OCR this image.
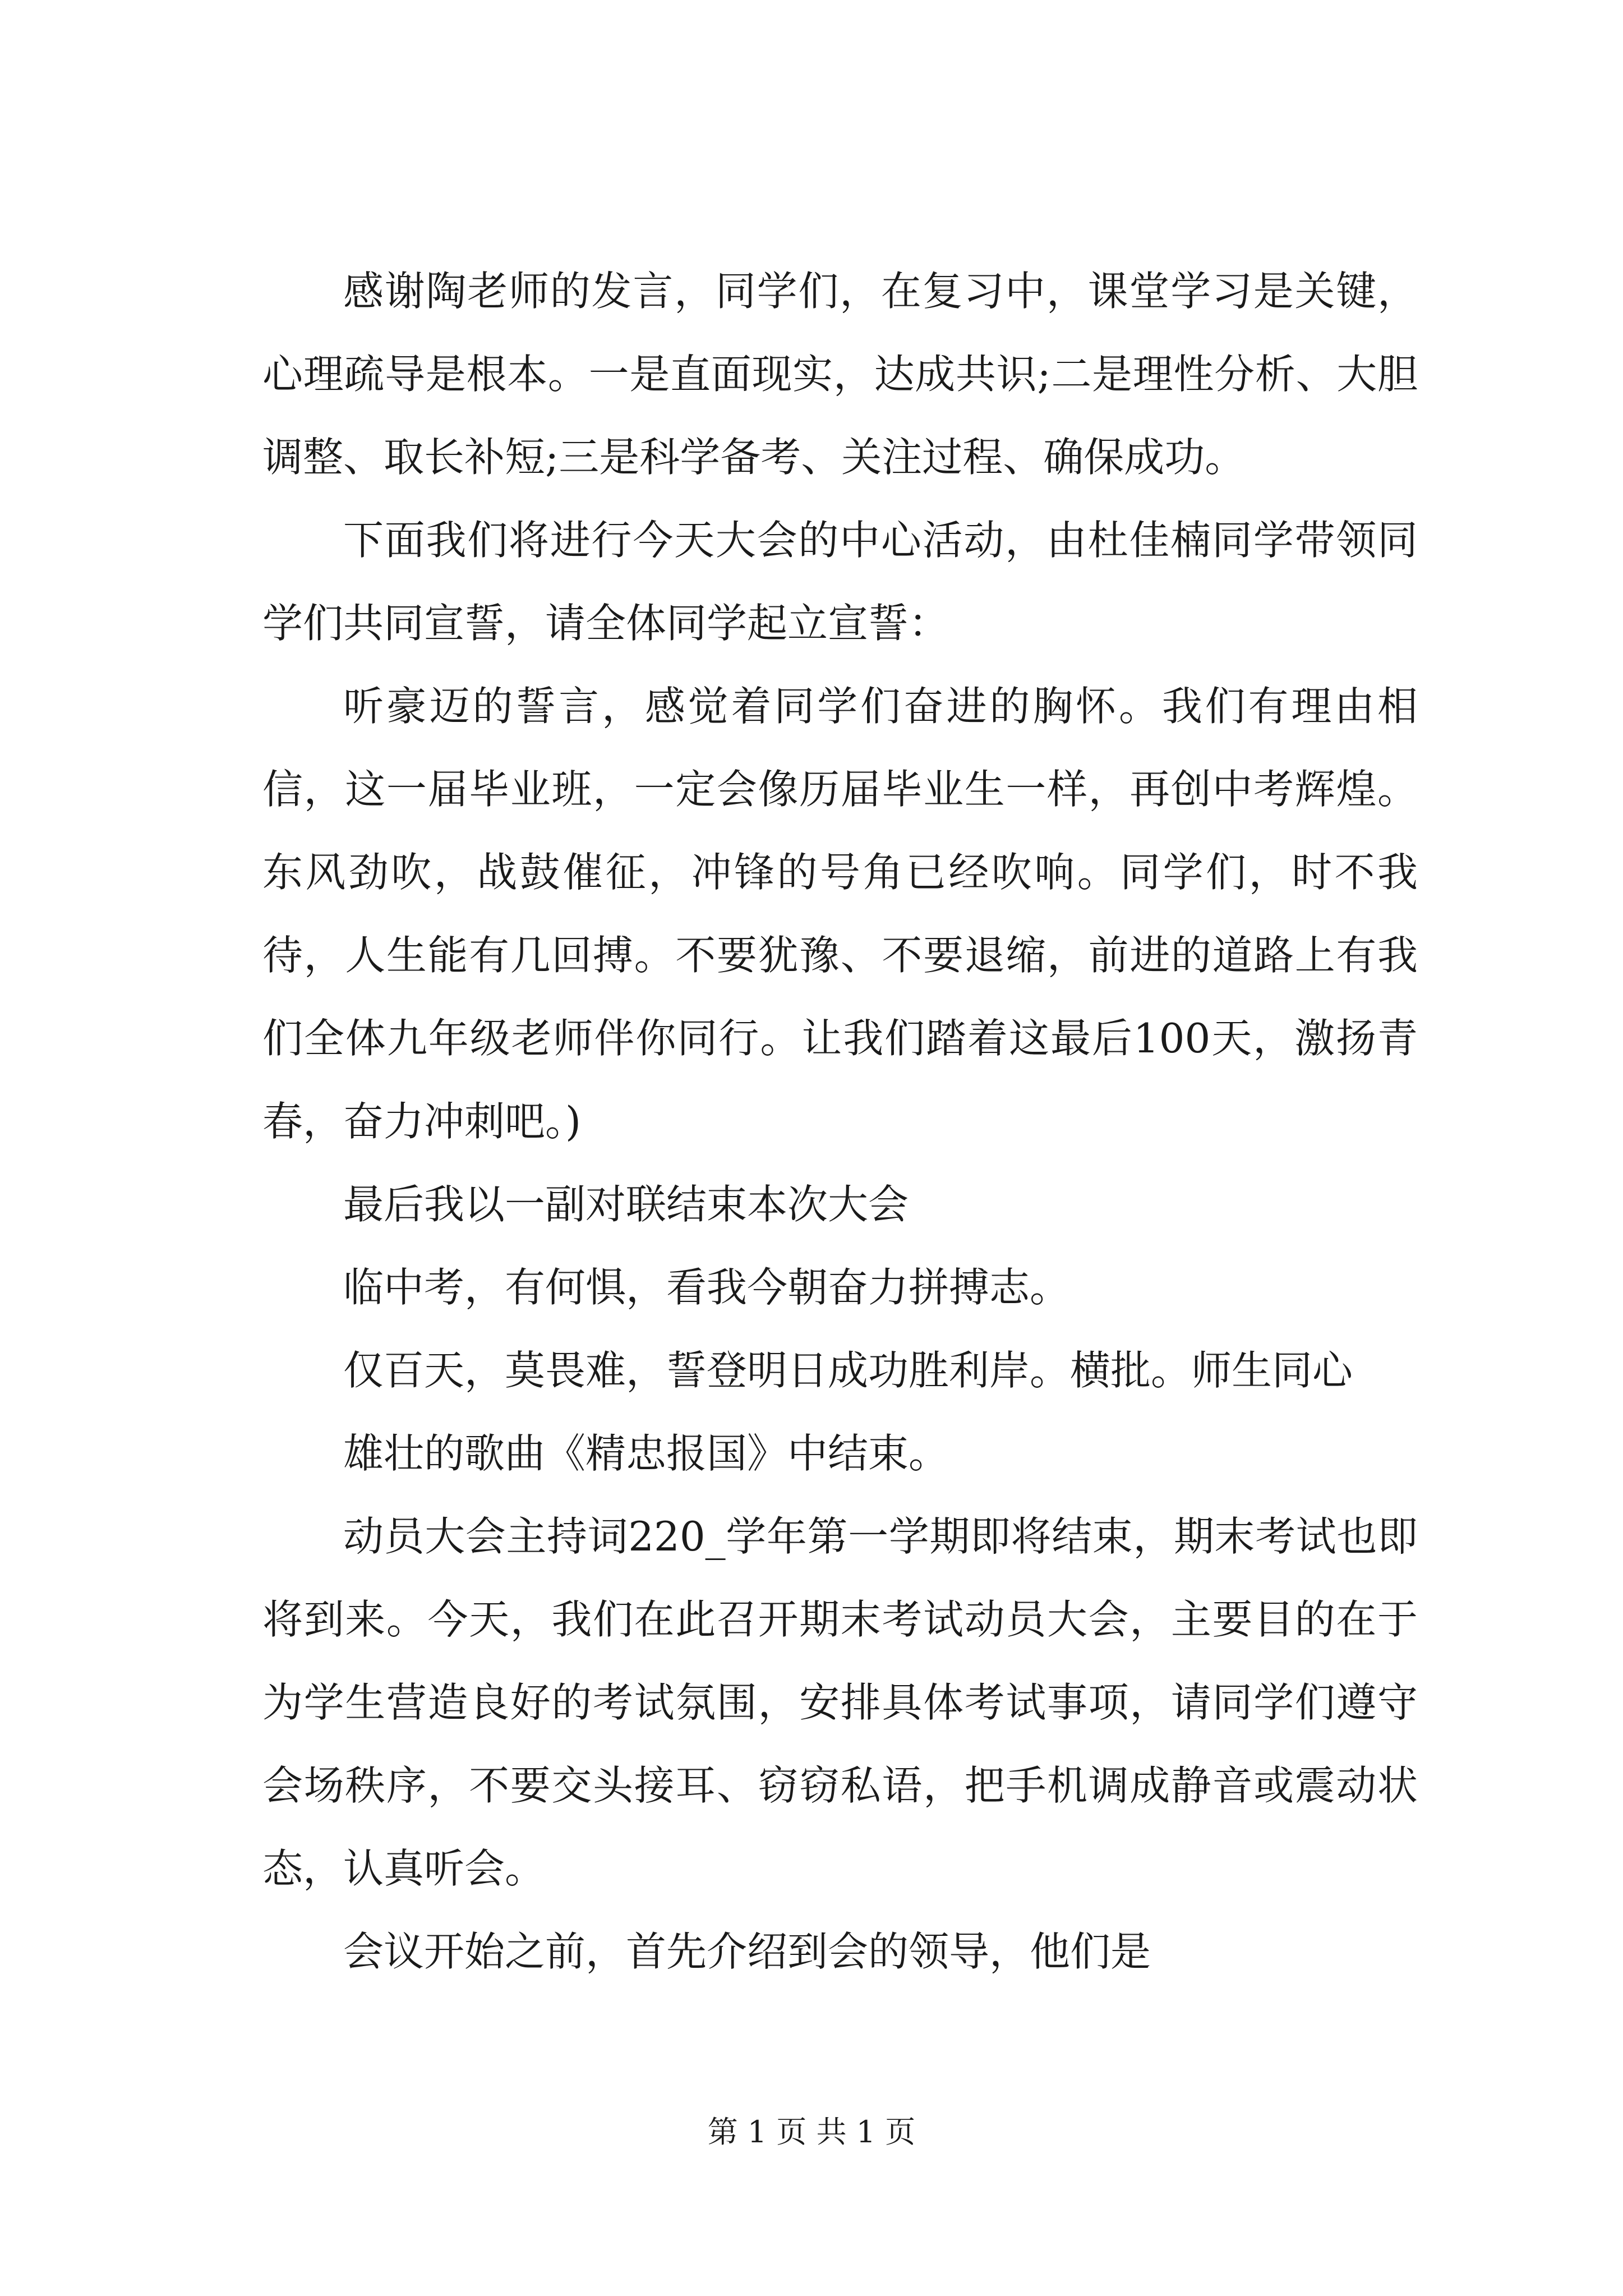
感谢陶老师的发言，同学们，在复习中，课堂学习是关键，心理疏导是根本。一是直面现实，达成共识;二是理性分析、大胆调整、取长补短;三是科学备考、关注过程、确保成功。

下面我们将进行今天大会的中心活动，由杜佳楠同学带领同学们共同宣誓，请全体同学起立宣誓：

听豪迈的誓言，感觉着同学们奋进的胸怀。我们有理由相信，这一届毕业班，一定会像历届毕业生一样，再创中考辉煌。东风劲吹，战鼓催征，冲锋的号角已经吹响。同学们，时不我待，人生能有几回搏。不要犹豫、不要退缩，前进的道路上有我们全体九年级老师伴你同行。让我们踏着这最后100天，激扬青春，奋力冲刺吧。)

最后我以一副对联结束本次大会

临中考，有何惧，看我今朝奋力拼搏志。

仅百天，莫畏难，誓登明日成功胜利岸。横批。师生同心

雄壮的歌曲《精忠报国》中结束。

动员大会主持词220_学年第一学期即将结束，期末考试也即将到来。今天，我们在此召开期末考试动员大会，主要目的在于为学生营造良好的考试氛围，安排具体考试事项，请同学们遵守会场秩序，不要交头接耳、窃窃私语，把手机调成静音或震动状态，认真听会。

会议开始之前，首先介绍到会的领导，他们是

第 1 页 共 1 页
